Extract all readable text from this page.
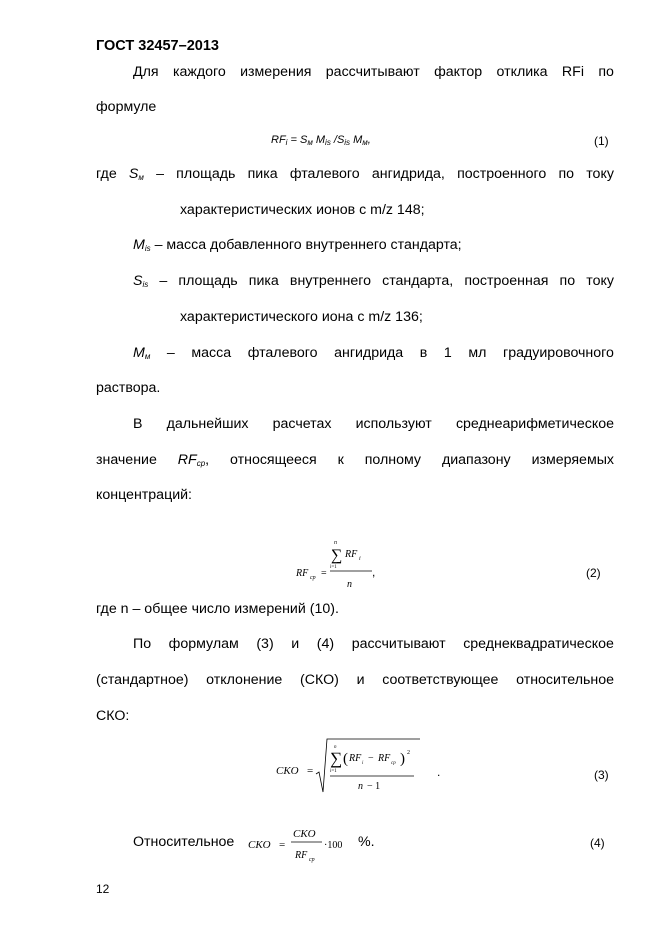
ГОСТ 32457–2013
Для каждого измерения рассчитывают фактор отклика RFi по
формуле
$RF_i = S_м$ $M_{is}$ $/S_{is}$ $M_м$,	(1)
где $S_м$ – площадь пика фталевого ангидрида, построенного по току
характеристических ионов с m/z 148;
$M_{is}$ – масса добавленного внутреннего стандарта;
$S_{is}$ – площадь пика внутреннего стандарта, построенная по току
характеристического иона с m/z 136;
$M_м$ – масса фталевого ангидрида в 1 мл градуировочного
раствора.
В дальнейших расчетах используют среднеарифметическое
значение $RF_{ср}$, относящееся к полному диапазону измеряемых
концентраций:
RF ср =
n
∑
i=1
RF i
n
,	(2)
где n – общее число измерений (10).
По формулам (3) и (4) рассчитывают среднеквадратическое
(стандартное) отклонение (СКО) и соответствующее относительное
СКО:
CKO =
n
∑
i=1
( RF i − RF ср ) 2
n − 1
.	(3)
Относительное CKO =
CKO
RF ср
·100 %.	(4)
12
